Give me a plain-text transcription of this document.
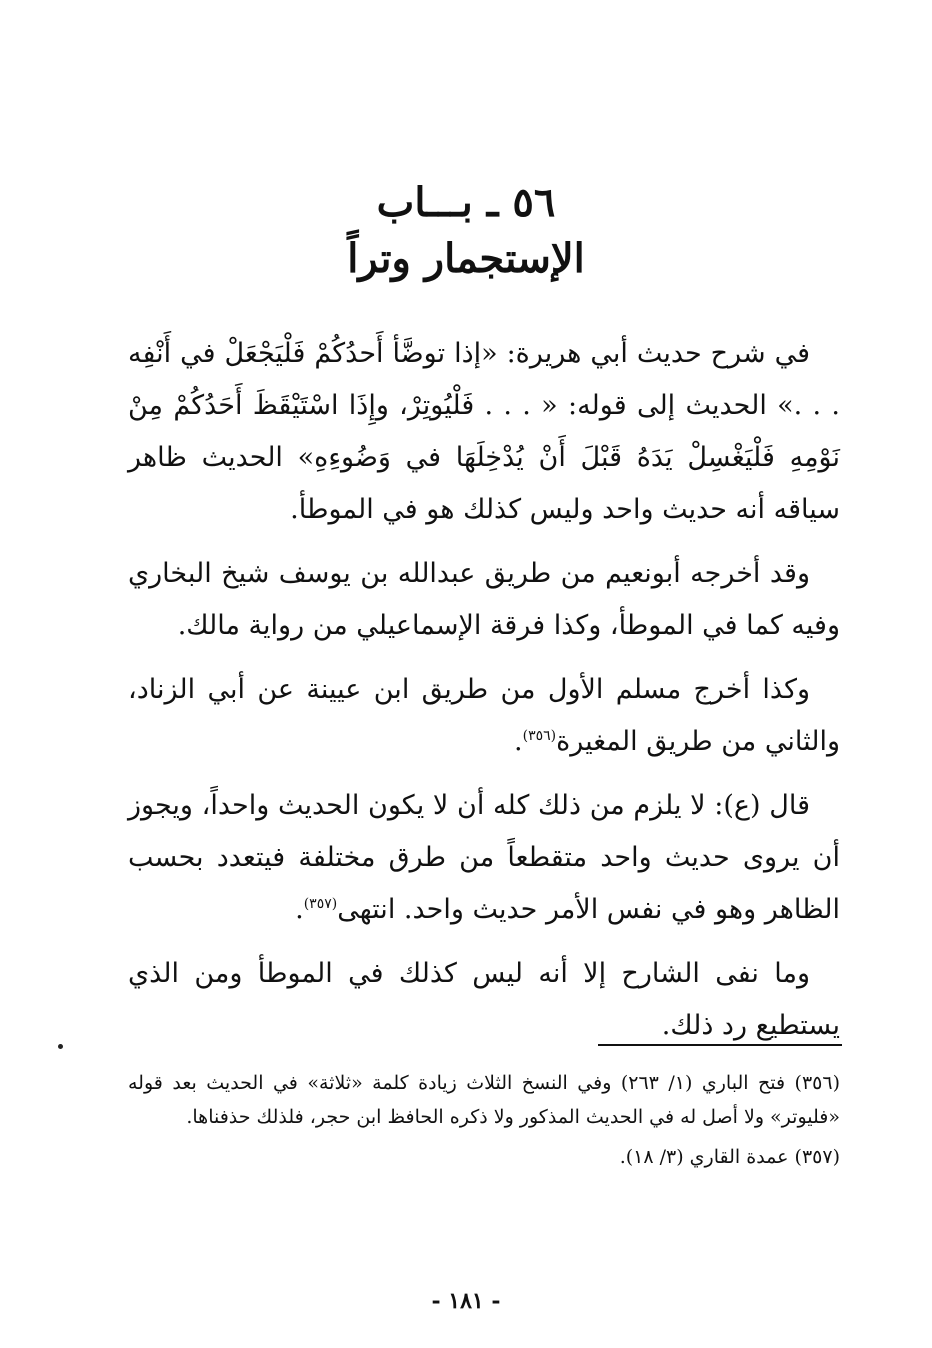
٥٦ ـ بـــاب
الإستجمار وتراً

في شرح حديث أبي هريرة: «إذا توضَّأ أَحدُكُمْ فَلْيَجْعَلْ في أَنْفِه . . .» الحديث إلى قوله: « . . . فَلْيُوتِرْ، وإِذَا اسْتَيْقَظَ أَحَدُكُمْ مِنْ نَوْمِهِ فَلْيَغْسِلْ يَدَهُ قَبْلَ أَنْ يُدْخِلَهَا في وَضُوءِهِ» الحديث ظاهر سياقه أنه حديث واحد وليس كذلك هو في الموطأ.

وقد أخرجه أبونعيم من طريق عبدالله بن يوسف شيخ البخاري وفيه كما في الموطأ، وكذا فرقة الإسماعيلي من رواية مالك.

وكذا أخرج مسلم الأول من طريق ابن عيينة عن أبي الزناد، والثاني من طريق المغيرة$^{(٣٥٦)}$.

قال (ع): لا يلزم من ذلك كله أن لا يكون الحديث واحداً، ويجوز أن يروى حديث واحد متقطعاً من طرق مختلفة فيتعدد بحسب الظاهر وهو في نفس الأمر حديث واحد. انتهى$^{(٣٥٧)}$.

وما نفى الشارح إلا أنه ليس كذلك في الموطأ ومن الذي يستطيع رد ذلك.

(٣٥٦) فتح الباري (١/ ٢٦٣) وفي النسخ الثلاث زيادة كلمة «ثلاثة» في الحديث بعد قوله «فليوتر» ولا أصل له في الحديث المذكور ولا ذكره الحافظ ابن حجر، فلذلك حذفناها.

(٣٥٧) عمدة القاري (٣/ ١٨).

- ١٨١ -
